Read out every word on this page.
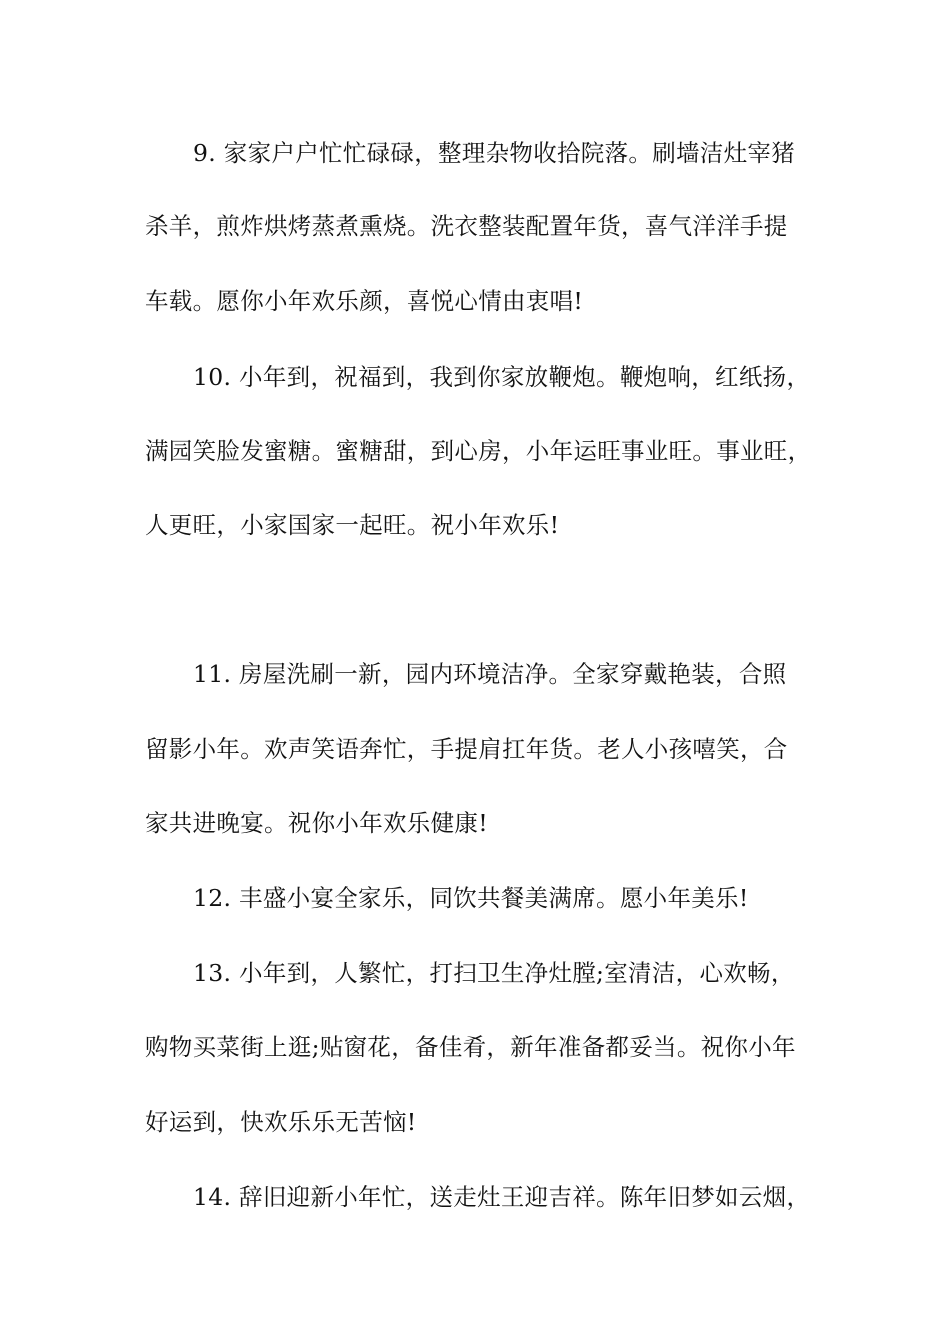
9. 家家户户忙忙碌碌，整理杂物收拾院落。刷墙洁灶宰猪
杀羊，煎炸烘烤蒸煮熏烧。洗衣整装配置年货，喜气洋洋手提
车载。愿你小年欢乐颜，喜悦心情由衷唱!
10. 小年到，祝福到，我到你家放鞭炮。鞭炮响，红纸扬，
满园笑脸发蜜糖。蜜糖甜，到心房，小年运旺事业旺。事业旺，
人更旺，小家国家一起旺。祝小年欢乐!
11. 房屋洗刷一新，园内环境洁净。全家穿戴艳装，合照
留影小年。欢声笑语奔忙，手提肩扛年货。老人小孩嘻笑，合
家共进晚宴。祝你小年欢乐健康!
12. 丰盛小宴全家乐，同饮共餐美满席。愿小年美乐!
13. 小年到，人繁忙，打扫卫生净灶膛;室清洁，心欢畅，
购物买菜街上逛;贴窗花，备佳肴，新年准备都妥当。祝你小年
好运到，快欢乐乐无苦恼!
14. 辞旧迎新小年忙，送走灶王迎吉祥。陈年旧梦如云烟，
